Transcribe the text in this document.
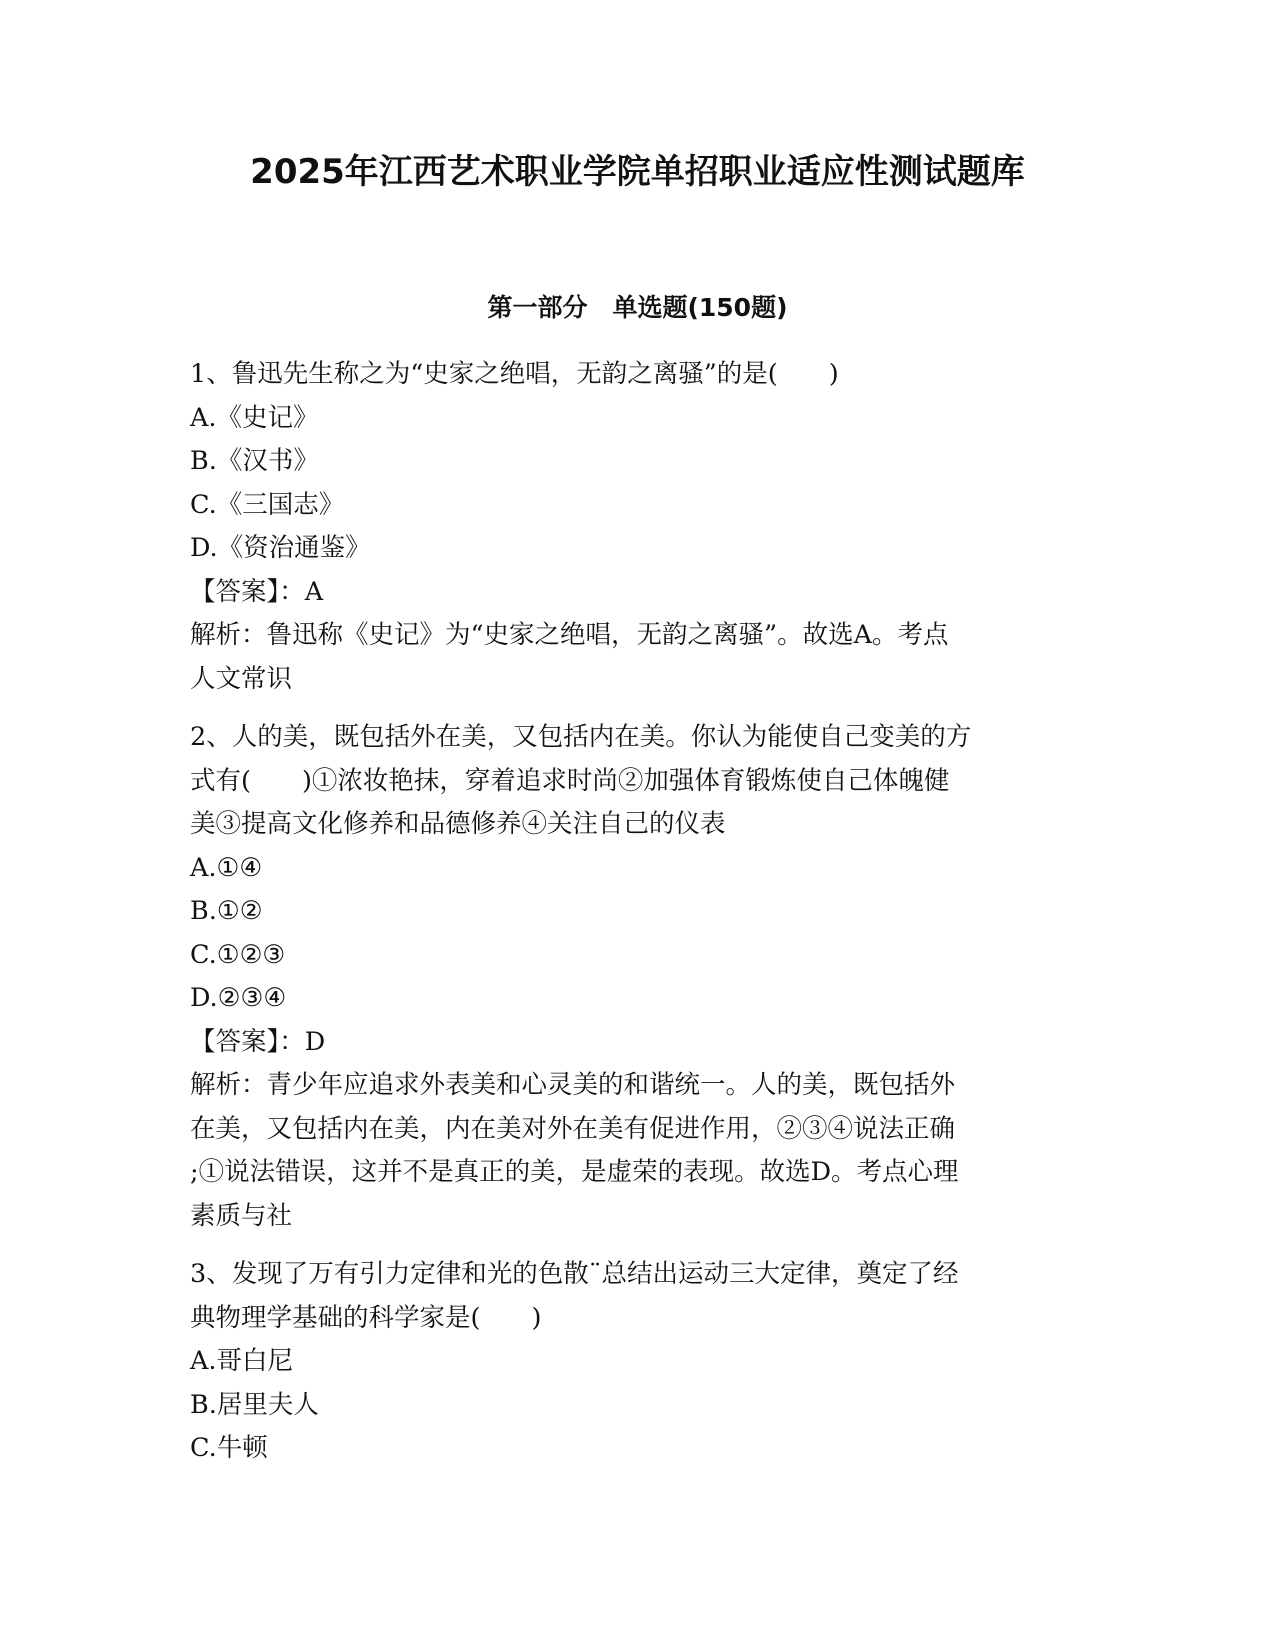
2025年江西艺术职业学院单招职业适应性测试题库
第一部分　单选题(150题)
1、鲁迅先生称之为“史家之绝唱，无韵之离骚”的是(　　)
A.《史记》
B.《汉书》
C.《三国志》
D.《资治通鉴》
【答案】：A
解析：鲁迅称《史记》为“史家之绝唱，无韵之离骚”。故选A。考点
人文常识
2、人的美，既包括外在美，又包括内在美。你认为能使自己变美的方
式有(　　)①浓妆艳抹，穿着追求时尚②加强体育锻炼使自己体魄健
美③提高文化修养和品德修养④关注自己的仪表
A.①④
B.①②
C.①②③
D.②③④
【答案】：D
解析：青少年应追求外表美和心灵美的和谐统一。人的美，既包括外
在美，又包括内在美，内在美对外在美有促进作用，②③④说法正确
;①说法错误，这并不是真正的美，是虚荣的表现。故选D。考点心理
素质与社
3、发现了万有引力定律和光的色散¨总结出运动三大定律，奠定了经
典物理学基础的科学家是(　　)
A.哥白尼
B.居里夫人
C.牛顿
